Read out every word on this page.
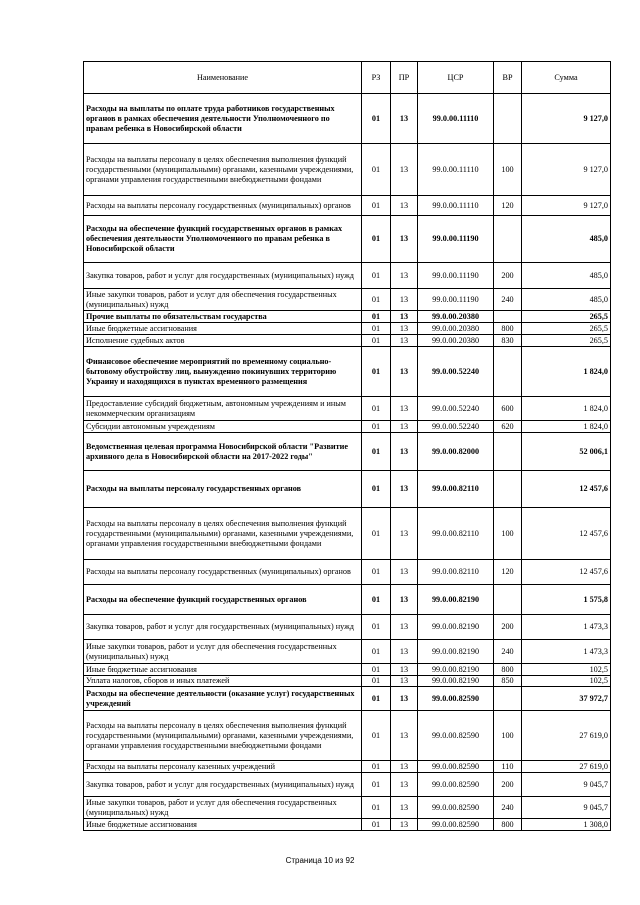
Наименование	РЗ	ПР	ЦСР	ВР	Сумма
Расходы на выплаты по оплате труда работников государственных органов в рамках обеспечения деятельности Уполномоченного по правам ребенка в Новосибирской области	01	13	99.0.00.11110		9 127,0
Расходы на выплаты персоналу в целях обеспечения выполнения функций государственными (муниципальными) органами, казенными учреждениями, органами управления государственными внебюджетными фондами	01	13	99.0.00.11110	100	9 127,0
Расходы на выплаты персоналу государственных (муниципальных) органов	01	13	99.0.00.11110	120	9 127,0
Расходы на обеспечение функций государственных органов в рамках обеспечения деятельности Уполномоченного по правам ребенка в Новосибирской области	01	13	99.0.00.11190		485,0
Закупка товаров, работ и услуг для государственных (муниципальных) нужд	01	13	99.0.00.11190	200	485,0
Иные закупки товаров, работ и услуг для обеспечения государственных (муниципальных) нужд	01	13	99.0.00.11190	240	485,0
Прочие выплаты по обязательствам государства	01	13	99.0.00.20380		265,5
Иные бюджетные ассигнования	01	13	99.0.00.20380	800	265,5
Исполнение судебных актов	01	13	99.0.00.20380	830	265,5
Финансовое обеспечение мероприятий по временному социально-бытовому обустройству лиц, вынужденно покинувших территорию Украину и находящихся в пунктах временного размещения	01	13	99.0.00.52240		1 824,0
Предоставление субсидий бюджетным, автономным учреждениям и иным некоммерческим организациям	01	13	99.0.00.52240	600	1 824,0
Субсидии автономным учреждениям	01	13	99.0.00.52240	620	1 824,0
Ведомственная целевая программа Новосибирской области "Развитие архивного дела в Новосибирской области на 2017-2022 годы"	01	13	99.0.00.82000		52 006,1
Расходы на выплаты персоналу государственных органов	01	13	99.0.00.82110		12 457,6
Расходы на выплаты персоналу в целях обеспечения выполнения функций государственными (муниципальными) органами, казенными учреждениями, органами управления государственными внебюджетными фондами	01	13	99.0.00.82110	100	12 457,6
Расходы на выплаты персоналу государственных (муниципальных) органов	01	13	99.0.00.82110	120	12 457,6
Расходы на обеспечение функций государственных органов	01	13	99.0.00.82190		1 575,8
Закупка товаров, работ и услуг для государственных (муниципальных) нужд	01	13	99.0.00.82190	200	1 473,3
Иные закупки товаров, работ и услуг для обеспечения государственных (муниципальных) нужд	01	13	99.0.00.82190	240	1 473,3
Иные бюджетные ассигнования	01	13	99.0.00.82190	800	102,5
Уплата налогов, сборов и иных платежей	01	13	99.0.00.82190	850	102,5
Расходы на обеспечение деятельности (оказание услуг) государственных учреждений	01	13	99.0.00.82590		37 972,7
Расходы на выплаты персоналу в целях обеспечения выполнения функций государственными (муниципальными) органами, казенными учреждениями, органами управления государственными внебюджетными фондами	01	13	99.0.00.82590	100	27 619,0
Расходы на выплаты персоналу казенных учреждений	01	13	99.0.00.82590	110	27 619,0
Закупка товаров, работ и услуг для государственных (муниципальных) нужд	01	13	99.0.00.82590	200	9 045,7
Иные закупки товаров, работ и услуг для обеспечения государственных (муниципальных) нужд	01	13	99.0.00.82590	240	9 045,7
Иные бюджетные ассигнования	01	13	99.0.00.82590	800	1 308,0
Страница 10 из 92
